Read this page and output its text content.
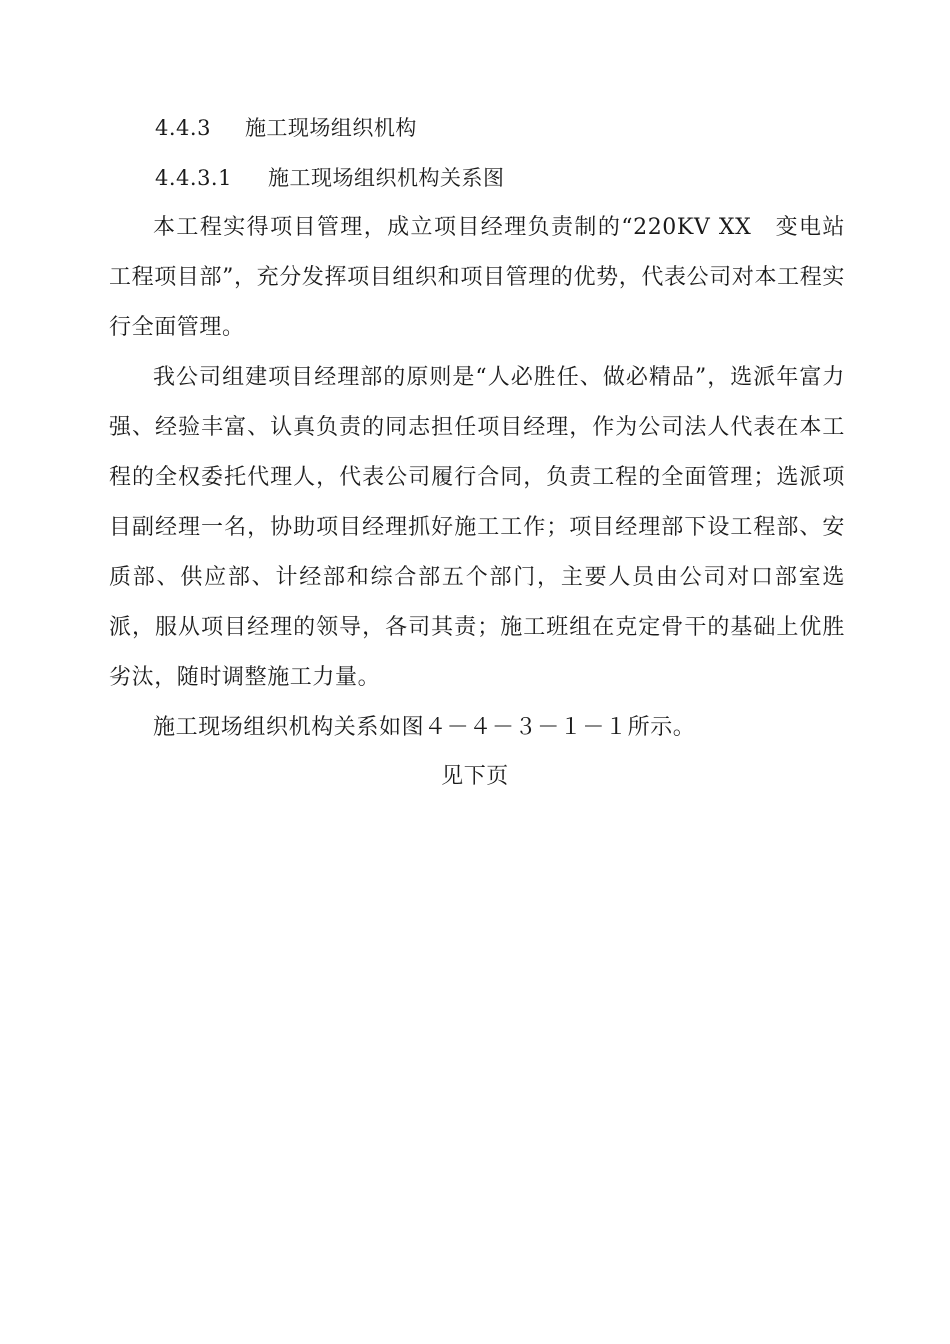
4.4.3 施工现场组织机构
4.4.3.1 施工现场组织机构关系图

本工程实得项目管理，成立项目经理负责制的“220KV XX　变电站工程项目部”，充分发挥项目组织和项目管理的优势，代表公司对本工程实行全面管理。

我公司组建项目经理部的原则是“人必胜任、做必精品”，选派年富力强、经验丰富、认真负责的同志担任项目经理，作为公司法人代表在本工程的全权委托代理人，代表公司履行合同，负责工程的全面管理；选派项目副经理一名，协助项目经理抓好施工工作；项目经理部下设工程部、安质部、供应部、计经部和综合部五个部门，主要人员由公司对口部室选派，服从项目经理的领导，各司其责；施工班组在克定骨干的基础上优胜劣汰，随时调整施工力量。

施工现场组织机构关系如图４－４－３－１－１所示。

见下页
